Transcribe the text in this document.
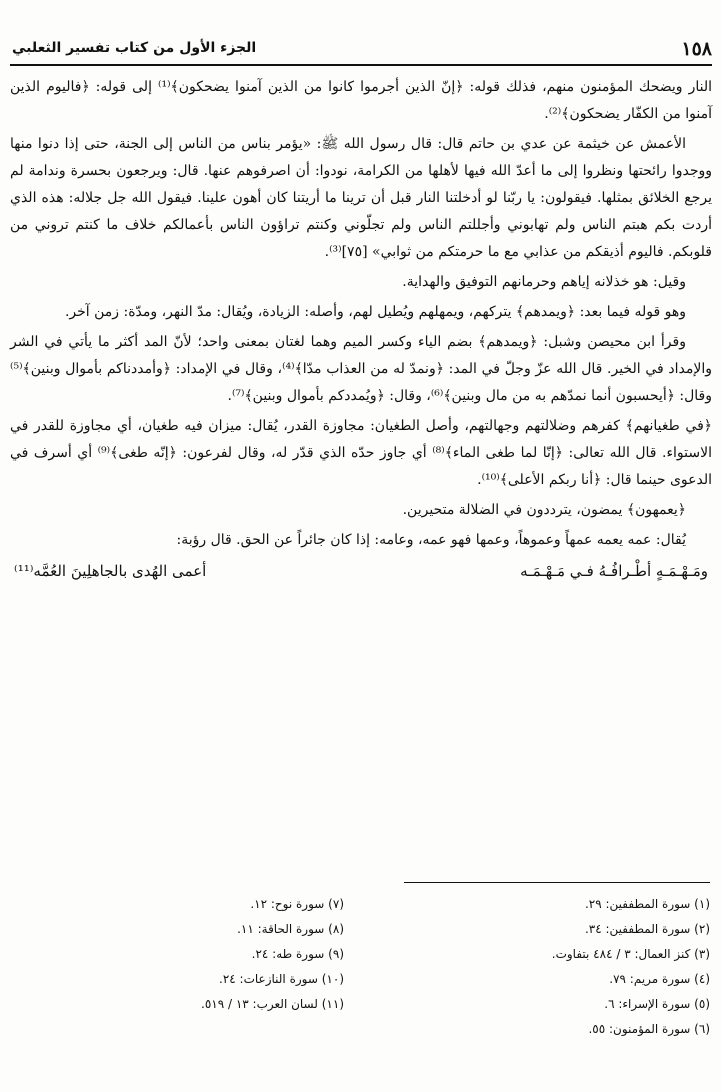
١٥٨
الجزء الأول من كتاب تفسير الثعلبي

النار ويضحك المؤمنون منهم، فذلك قوله: ﴿إنّ الذين أجرموا كانوا من الذين آمنوا يضحكون﴾⁽¹⁾ إلى قوله: ﴿فاليوم الذين آمنوا من الكفّار يضحكون﴾⁽²⁾.

الأعمش عن خيثمة عن عدي بن حاتم قال: قال رسول الله ﷺ: «يؤمر بناس من الناس إلى الجنة، حتى إذا دنوا منها ووجدوا رائحتها ونظروا إلى ما أعدّ الله فيها لأهلها من الكرامة، نودوا: أن اصرفوهم عنها. قال: ويرجعون بحسرة وندامة لم يرجع الخلائق بمثلها. فيقولون: يا ربّنا لو أدخلتنا النار قبل أن ترينا ما أريتنا كان أهون علينا. فيقول الله جل جلاله: هذه الذي أردت بكم هبتم الناس ولم تهابوني وأجللتم الناس ولم تجلّوني وكنتم تراؤون الناس بأعمالكم خلاف ما كنتم تروني من قلوبكم. فاليوم أذيقكم من عذابي مع ما حرمتكم من ثوابي» [٧٥]⁽³⁾.

وقيل: هو خذلانه إياهم وحرمانهم التوفيق والهداية.

وهو قوله فيما بعد: ﴿ويمدهم﴾ يتركهم، ويمهلهم ويُطيل لهم، وأصله: الزيادة، ويُقال: مدّ النهر، ومدّة: زمن آخر.

وقرأ ابن محيصن وشبل: ﴿ويمدهم﴾ بضم الياء وكسر الميم وهما لغتان بمعنى واحد؛ لأنّ المد أكثر ما يأتي في الشر والإمداد في الخير. قال الله عزّ وجلّ في المد: ﴿ونمدّ له من العذاب مدّا﴾⁽⁴⁾، وقال في الإمداد: ﴿وأمددناكم بأموال وبنين﴾⁽⁵⁾ وقال: ﴿أيحسبون أنما نمدّهم به من مال وبنين﴾⁽⁶⁾، وقال: ﴿ويُمددكم بأموال وبنين﴾⁽⁷⁾.

﴿في طغيانهم﴾ كفرهم وضلالتهم وجهالتهم، وأصل الطغيان: مجاوزة القدر، يُقال: ميزان فيه طغيان، أي مجاوزة للقدر في الاستواء. قال الله تعالى: ﴿إنّا لما طغى الماء﴾⁽⁸⁾ أي جاوز حدّه الذي قدّر له، وقال لفرعون: ﴿إنّه طغى﴾⁽⁹⁾ أي أسرف في الدعوى حينما قال: ﴿أنا ربكم الأعلى﴾⁽¹⁰⁾.

﴿يعمهون﴾ يمضون، يترددون في الضلالة متحيرين.

يُقال: عمه يعمه عمهاً وعموهاً، وعمها فهو عمه، وعامه: إذا كان جائراً عن الحق. قال رؤبة:

ومَـهْـمَـهٍ أطْـرافُـهُ فـي مَـهْـمَـه
أعمى الهُدى بالجاهلِينَ العُمَّه⁽¹¹⁾
(١) سورة المطففين: ٢٩.
(٢) سورة المطففين: ٣٤.
(٣) كنز العمال: ٣ / ٤٨٤ بتفاوت.
(٤) سورة مريم: ٧٩.
(٥) سورة الإسراء: ٦.
(٦) سورة المؤمنون: ٥٥.
(٧) سورة نوح: ١٢.
(٨) سورة الحاقة: ١١.
(٩) سورة طه: ٢٤.
(١٠) سورة النازعات: ٢٤.
(١١) لسان العرب: ١٣ / ٥١٩.
